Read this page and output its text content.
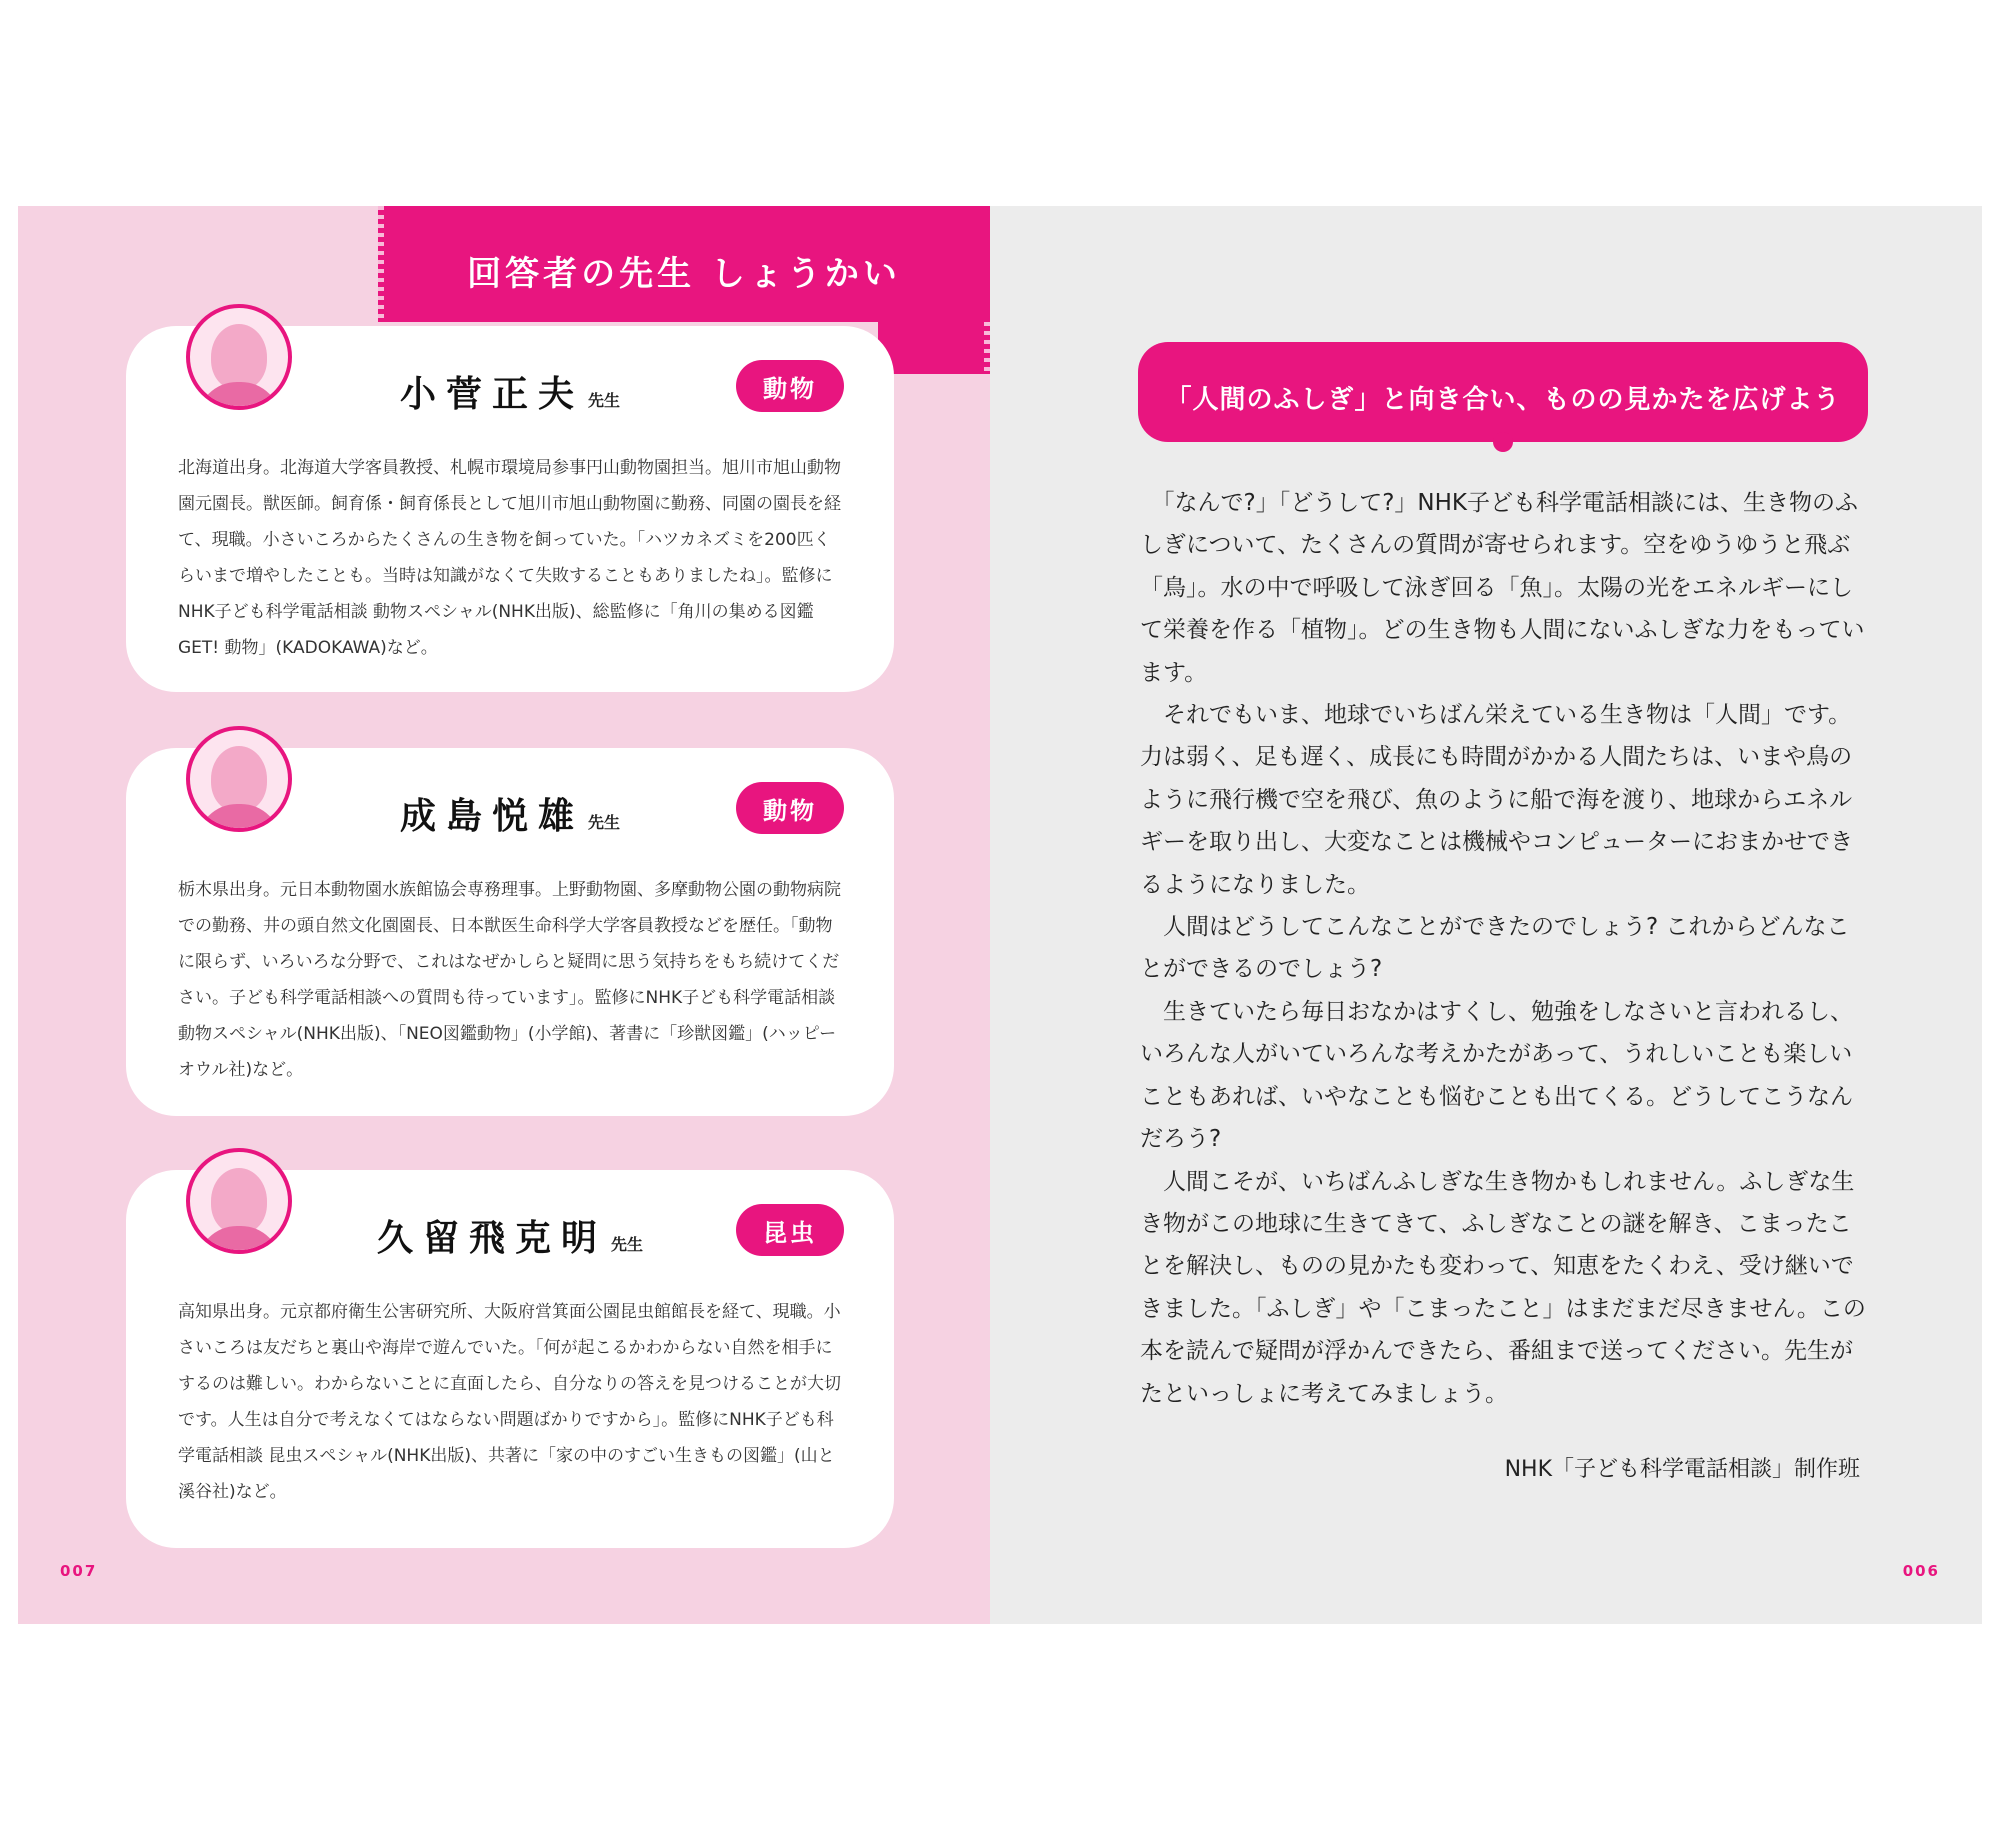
回答者の先生 しょうかい
小菅正夫 先生	動物
北海道出身。北海道大学客員教授、札幌市環境局参事円山動物園担当。旭川市旭山動物園元園長。獣医師。飼育係・飼育係長として旭川市旭山動物園に勤務、同園の園長を経て、現職。小さいころからたくさんの生き物を飼っていた。「ハツカネズミを200匹くらいまで増やしたことも。当時は知識がなくて失敗することもありましたね」。監修にNHK子ども科学電話相談 動物スペシャル(NHK出版)、総監修に「角川の集める図鑑GET! 動物」(KADOKAWA)など。
成島悦雄 先生	動物
栃木県出身。元日本動物園水族館協会専務理事。上野動物園、多摩動物公園の動物病院での勤務、井の頭自然文化園園長、日本獣医生命科学大学客員教授などを歴任。「動物に限らず、いろいろな分野で、これはなぜかしらと疑問に思う気持ちをもち続けてください。子ども科学電話相談への質問も待っています」。監修にNHK子ども科学電話相談 動物スペシャル(NHK出版)、「NEO図鑑動物」(小学館)、著書に「珍獣図鑑」(ハッピーオウル社)など。
久留飛克明 先生	昆虫
高知県出身。元京都府衛生公害研究所、大阪府営箕面公園昆虫館館長を経て、現職。小さいころは友だちと裏山や海岸で遊んでいた。「何が起こるかわからない自然を相手にするのは難しい。わからないことに直面したら、自分なりの答えを見つけることが大切です。人生は自分で考えなくてはならない問題ばかりですから」。監修にNHK子ども科学電話相談 昆虫スペシャル(NHK出版)、共著に「家の中のすごい生きもの図鑑」(山と溪谷社)など。
007
「人間のふしぎ」と向き合い、ものの見かたを広げよう

「なんで?」「どうして?」NHK子ども科学電話相談には、生き物のふしぎについて、たくさんの質問が寄せられます。空をゆうゆうと飛ぶ「鳥」。水の中で呼吸して泳ぎ回る「魚」。太陽の光をエネルギーにして栄養を作る「植物」。どの生き物も人間にないふしぎな力をもっています。

それでもいま、地球でいちばん栄えている生き物は「人間」です。力は弱く、足も遅く、成長にも時間がかかる人間たちは、いまや鳥のように飛行機で空を飛び、魚のように船で海を渡り、地球からエネルギーを取り出し、大変なことは機械やコンピューターにおまかせできるようになりました。

人間はどうしてこんなことができたのでしょう? これからどんなことができるのでしょう?

生きていたら毎日おなかはすくし、勉強をしなさいと言われるし、いろんな人がいていろんな考えかたがあって、うれしいことも楽しいこともあれば、いやなことも悩むことも出てくる。どうしてこうなんだろう?

人間こそが、いちばんふしぎな生き物かもしれません。ふしぎな生き物がこの地球に生きてきて、ふしぎなことの謎を解き、こまったことを解決し、ものの見かたも変わって、知恵をたくわえ、受け継いできました。「ふしぎ」や「こまったこと」はまだまだ尽きません。この本を読んで疑問が浮かんできたら、番組まで送ってください。先生がたといっしょに考えてみましょう。

NHK「子ども科学電話相談」制作班
006
